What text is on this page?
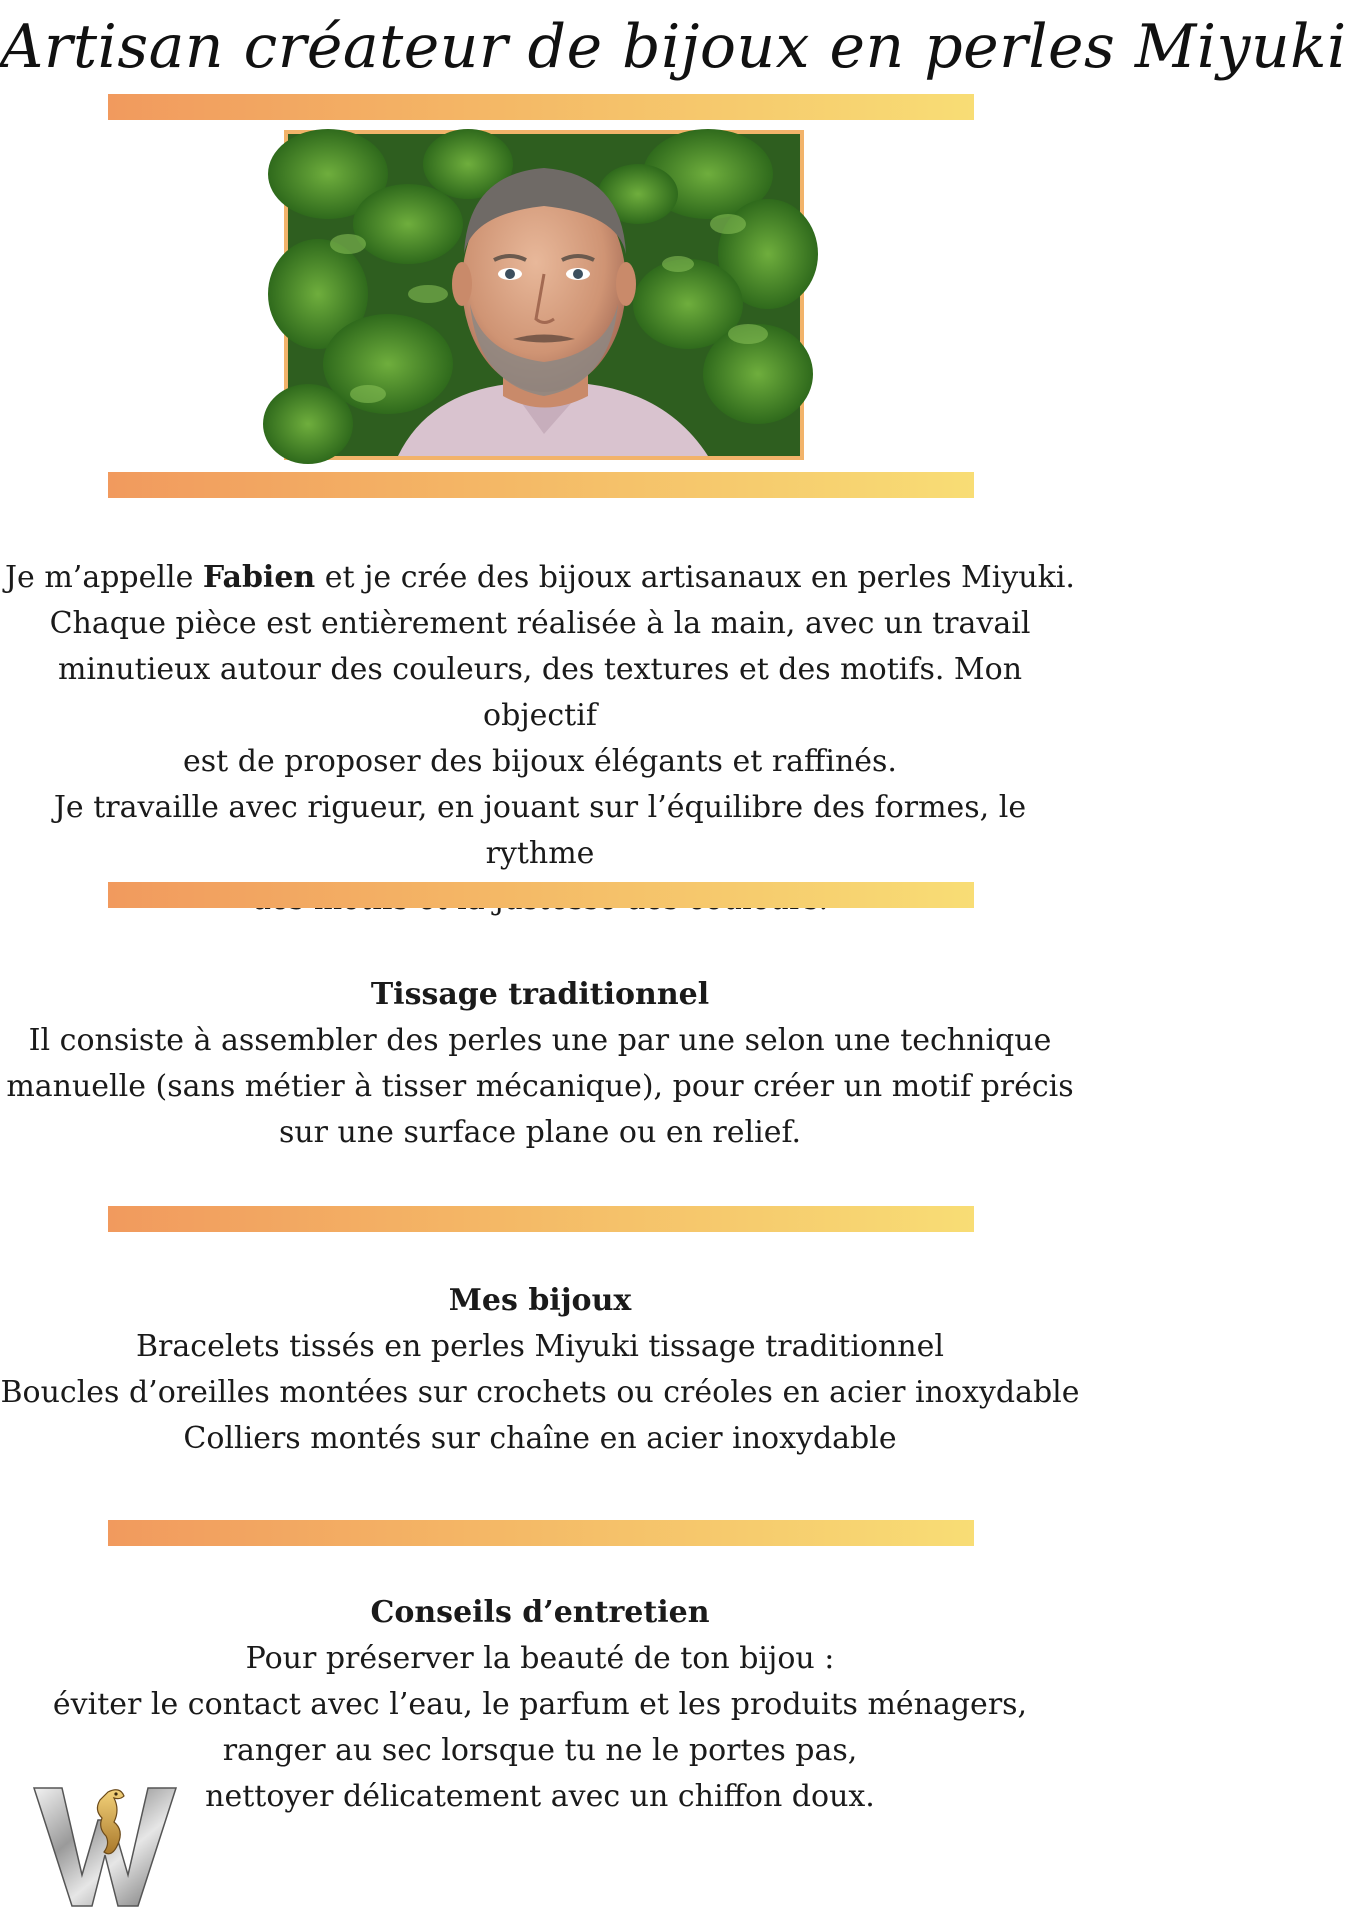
Artisan créateur de bijoux en perles Miyuki

Je m’appelle Fabien et je crée des bijoux artisanaux en perles Miyuki.

Chaque pièce est entièrement réalisée à la main, avec un travail

minutieux autour des couleurs, des textures et des motifs. Mon objectif

est de proposer des bijoux élégants et raffinés.

Je travaille avec rigueur, en jouant sur l’équilibre des formes, le rythme

Tissage traditionnel

Il consiste à assembler des perles une par une selon une technique

manuelle (sans métier à tisser mécanique), pour créer un motif précis

sur une surface plane ou en relief.

Mes bijoux

Bracelets tissés en perles Miyuki tissage traditionnel

Boucles d’oreilles montées sur crochets ou créoles en acier inoxydable

Colliers montés sur chaîne en acier inoxydable

Conseils d’entretien

Pour préserver la beauté de ton bijou :

éviter le contact avec l’eau, le parfum et les produits ménagers,

ranger au sec lorsque tu ne le portes pas,

nettoyer délicatement avec un chiffon doux.
